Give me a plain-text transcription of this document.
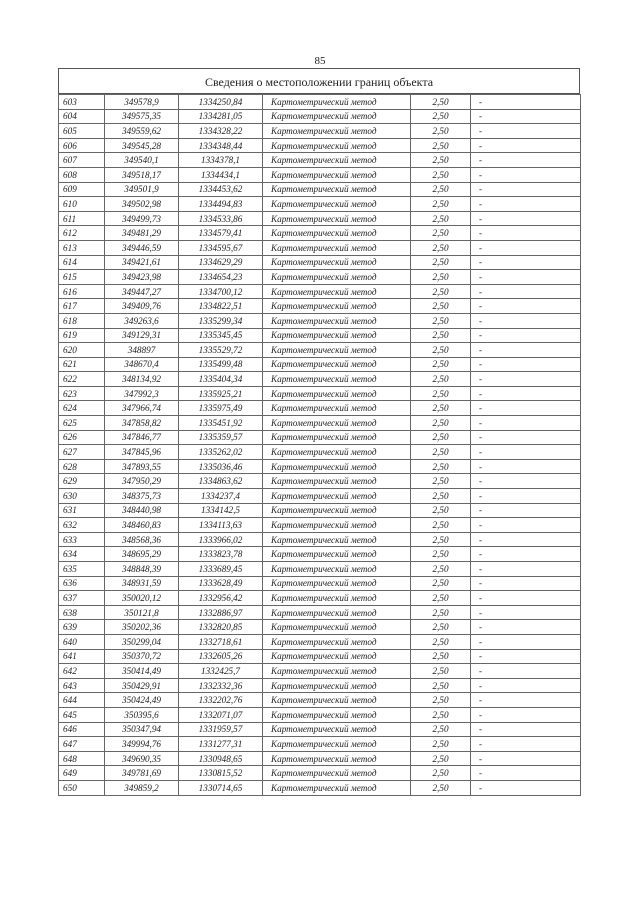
85
Сведения о местоположении границ объекта
603	349578,9	1334250,84	Картометрический метод	2,50	-
604	349575,35	1334281,05	Картометрический метод	2,50	-
605	349559,62	1334328,22	Картометрический метод	2,50	-
606	349545,28	1334348,44	Картометрический метод	2,50	-
607	349540,1	1334378,1	Картометрический метод	2,50	-
608	349518,17	1334434,1	Картометрический метод	2,50	-
609	349501,9	1334453,62	Картометрический метод	2,50	-
610	349502,98	1334494,83	Картометрический метод	2,50	-
611	349499,73	1334533,86	Картометрический метод	2,50	-
612	349481,29	1334579,41	Картометрический метод	2,50	-
613	349446,59	1334595,67	Картометрический метод	2,50	-
614	349421,61	1334629,29	Картометрический метод	2,50	-
615	349423,98	1334654,23	Картометрический метод	2,50	-
616	349447,27	1334700,12	Картометрический метод	2,50	-
617	349409,76	1334822,51	Картометрический метод	2,50	-
618	349263,6	1335299,34	Картометрический метод	2,50	-
619	349129,31	1335345,45	Картометрический метод	2,50	-
620	348897	1335529,72	Картометрический метод	2,50	-
621	348670,4	1335499,48	Картометрический метод	2,50	-
622	348134,92	1335404,34	Картометрический метод	2,50	-
623	347992,3	1335925,21	Картометрический метод	2,50	-
624	347966,74	1335975,49	Картометрический метод	2,50	-
625	347858,82	1335451,92	Картометрический метод	2,50	-
626	347846,77	1335359,57	Картометрический метод	2,50	-
627	347845,96	1335262,02	Картометрический метод	2,50	-
628	347893,55	1335036,46	Картометрический метод	2,50	-
629	347950,29	1334863,62	Картометрический метод	2,50	-
630	348375,73	1334237,4	Картометрический метод	2,50	-
631	348440,98	1334142,5	Картометрический метод	2,50	-
632	348460,83	1334113,63	Картометрический метод	2,50	-
633	348568,36	1333966,02	Картометрический метод	2,50	-
634	348695,29	1333823,78	Картометрический метод	2,50	-
635	348848,39	1333689,45	Картометрический метод	2,50	-
636	348931,59	1333628,49	Картометрический метод	2,50	-
637	350020,12	1332956,42	Картометрический метод	2,50	-
638	350121,8	1332886,97	Картометрический метод	2,50	-
639	350202,36	1332820,85	Картометрический метод	2,50	-
640	350299,04	1332718,61	Картометрический метод	2,50	-
641	350370,72	1332605,26	Картометрический метод	2,50	-
642	350414,49	1332425,7	Картометрический метод	2,50	-
643	350429,91	1332332,36	Картометрический метод	2,50	-
644	350424,49	1332202,76	Картометрический метод	2,50	-
645	350395,6	1332071,07	Картометрический метод	2,50	-
646	350347,94	1331959,57	Картометрический метод	2,50	-
647	349994,76	1331277,31	Картометрический метод	2,50	-
648	349690,35	1330948,65	Картометрический метод	2,50	-
649	349781,69	1330815,52	Картометрический метод	2,50	-
650	349859,2	1330714,65	Картометрический метод	2,50	-
